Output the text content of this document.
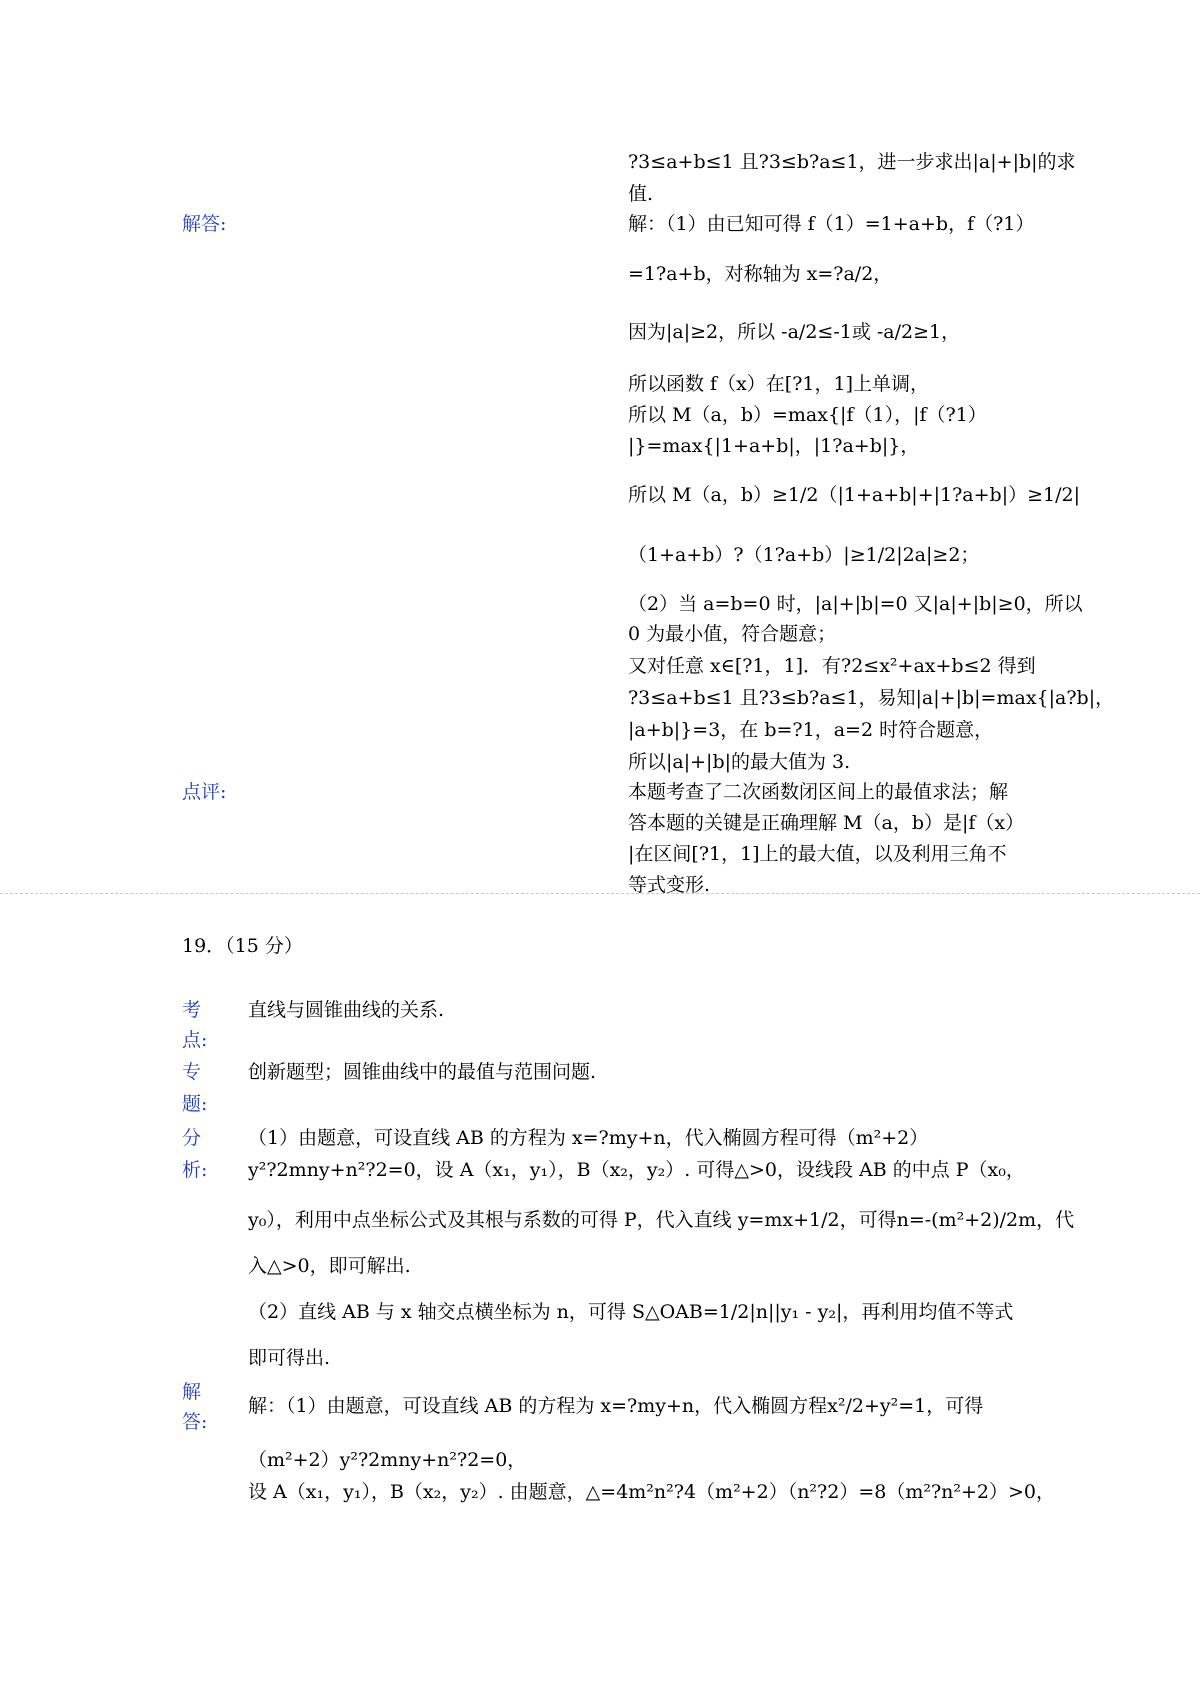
?3≤a+b≤1 且?3≤b?a≤1，进一步求出|a|+|b|的求
值.
解答:	解：（1）由已知可得 f（1）=1+a+b，f（?1）
=1?a+b，对称轴为 x=?a/2，
因为|a|≥2，所以 -a/2≤-1或 -a/2≥1，
所以函数 f（x）在[?1，1]上单调，
所以 M（a，b）=max{|f（1），|f（?1）
|}=max{|1+a+b|，|1?a+b|}，
所以 M（a，b）≥1/2（|1+a+b|+|1?a+b|）≥1/2|
（1+a+b）?（1?a+b）|≥1/2|2a|≥2；
（2）当 a=b=0 时，|a|+|b|=0 又|a|+|b|≥0，所以
0 为最小值，符合题意；
又对任意 x∈[?1，1]．有?2≤x²+ax+b≤2 得到
?3≤a+b≤1 且?3≤b?a≤1，易知|a|+|b|=max{|a?b|，
|a+b|}=3，在 b=?1，a=2 时符合题意，
所以|a|+|b|的最大值为 3.
点评:	本题考查了二次函数闭区间上的最值求法；解
答本题的关键是正确理解 M（a，b）是|f（x）
|在区间[?1，1]上的最大值，以及利用三角不
等式变形.
19．（15 分）
考
点:
直线与圆锥曲线的关系.
专
题:
创新题型；圆锥曲线中的最值与范围问题.
分
析:
（1）由题意，可设直线 AB 的方程为 x=?my+n，代入椭圆方程可得（m²+2）
y²?2mny+n²?2=0，设 A（x₁，y₁），B（x₂，y₂）. 可得△>0，设线段 AB 的中点 P（x₀，
y₀），利用中点坐标公式及其根与系数的可得 P，代入直线 y=mx+1/2，可得n=-(m²+2)/2m，代
入△>0，即可解出.
（2）直线 AB 与 x 轴交点横坐标为 n，可得 S△OAB=1/2|n||y₁ - y₂|，再利用均值不等式
即可得出.
解
答:
解：（1）由题意，可设直线 AB 的方程为 x=?my+n，代入椭圆方程x²/2+y²=1，可得
（m²+2）y²?2mny+n²?2=0，
设 A（x₁，y₁），B（x₂，y₂）. 由题意，△=4m²n²?4（m²+2）（n²?2）=8（m²?n²+2）>0，
